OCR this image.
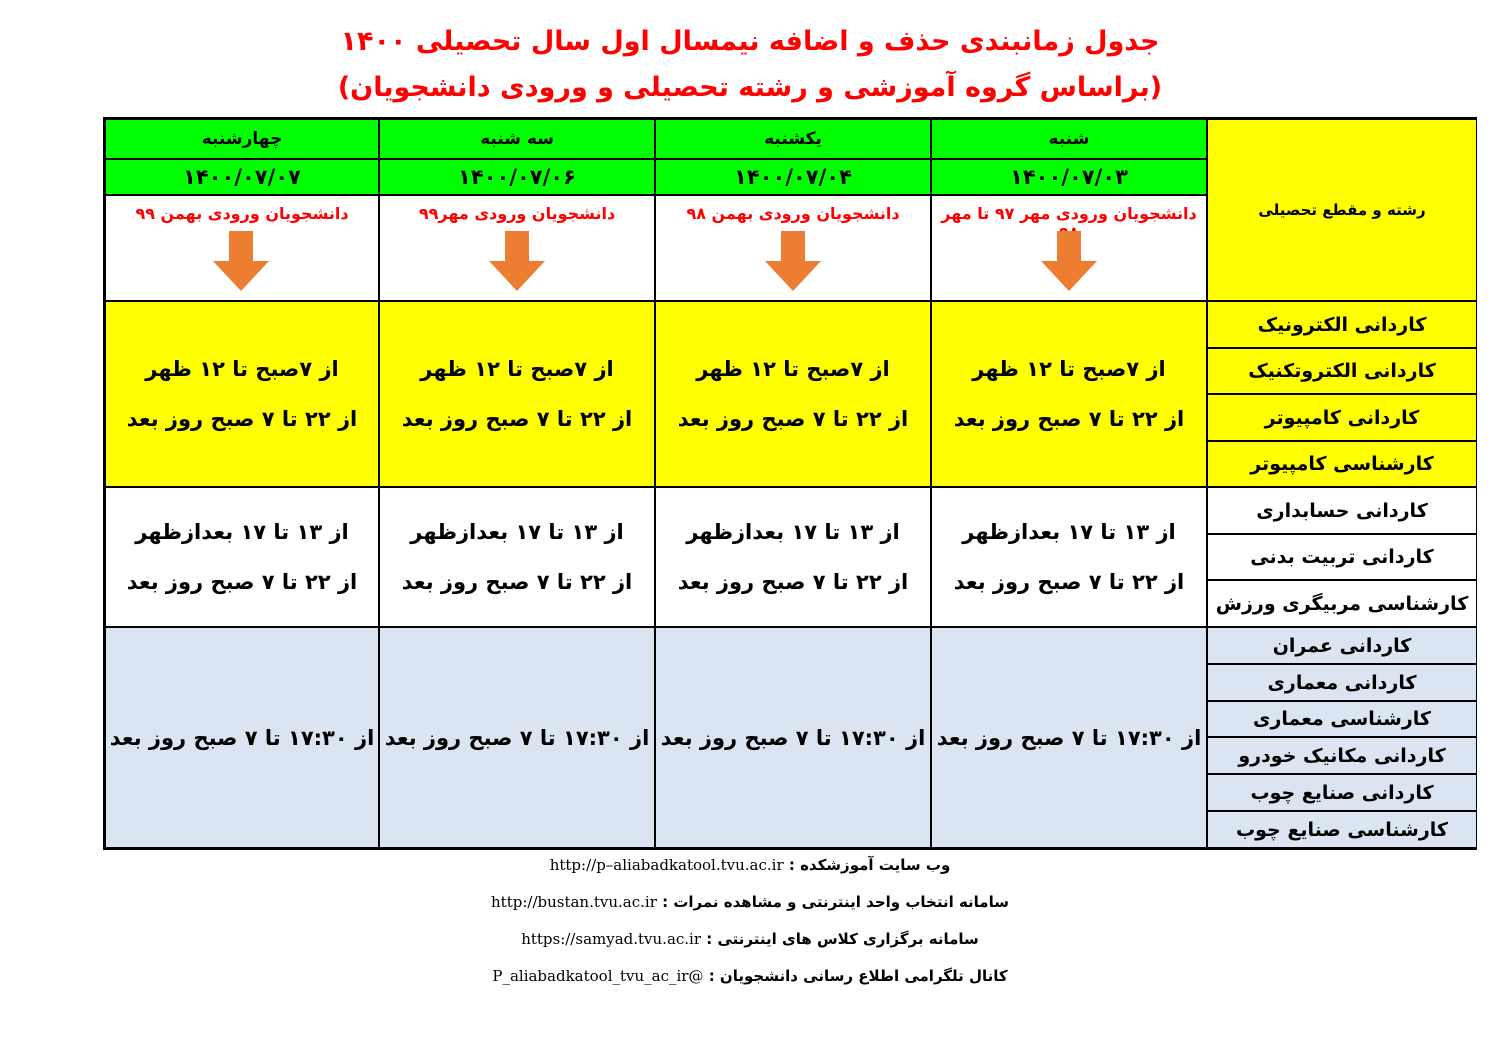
جدول زمانبندی حذف و اضافه نیمسال اول سال تحصیلی ۱۴۰۰
(براساس گروه آموزشی و رشته تحصیلی و ورودی دانشجویان)
رشته و مقطع تحصیلی
شنبه
۱۴۰۰/۰۷/۰۳
دانشجویان ورودی مهر ۹۷ تا مهر
یکشنبه
۱۴۰۰/۰۷/۰۴
دانشجویان ورودی بهمن ۹۸
سه شنبه
۱۴۰۰/۰۷/۰۶
دانشجویان ورودی مهر۹۹
چهارشنبه
۱۴۰۰/۰۷/۰۷
دانشجویان ورودی بهمن ۹۹
کاردانی الکترونیک
کاردانی الکتروتکنیک
کاردانی کامپیوتر
کارشناسی کامپیوتر
از ۷صبح تا ۱۲ ظهر
از ۲۲ تا ۷ صبح روز بعد
از ۷صبح تا ۱۲ ظهر
از ۲۲ تا ۷ صبح روز بعد
از ۷صبح تا ۱۲ ظهر
از ۲۲ تا ۷ صبح روز بعد
از ۷صبح تا ۱۲ ظهر
از ۲۲ تا ۷ صبح روز بعد
کاردانی حسابداری
کاردانی تربیت بدنی
کارشناسی مربیگری ورزش
از ۱۳ تا ۱۷ بعدازظهر
از ۲۲ تا ۷ صبح روز بعد
از ۱۳ تا ۱۷ بعدازظهر
از ۲۲ تا ۷ صبح روز بعد
از ۱۳ تا ۱۷ بعدازظهر
از ۲۲ تا ۷ صبح روز بعد
از ۱۳ تا ۱۷ بعدازظهر
از ۲۲ تا ۷ صبح روز بعد
کاردانی عمران
کاردانی معماری
کارشناسی معماری
کاردانی مکانیک خودرو
کاردانی صنایع چوب
کارشناسی صنایع چوب
از ۱۷:۳۰ تا ۷ صبح روز بعد
از ۱۷:۳۰ تا ۷ صبح روز بعد
از ۱۷:۳۰ تا ۷ صبح روز بعد
از ۱۷:۳۰ تا ۷ صبح روز بعد
وب سایت آموزشکده : http://p–aliabadkatool.tvu.ac.ir
سامانه انتخاب واحد اینترنتی و مشاهده نمرات : http://bustan.tvu.ac.ir
سامانه برگزاری کلاس های اینترنتی : https://samyad.tvu.ac.ir
کانال تلگرامی اطلاع رسانی دانشجویان : @P_aliabadkatool_tvu_ac_ir
